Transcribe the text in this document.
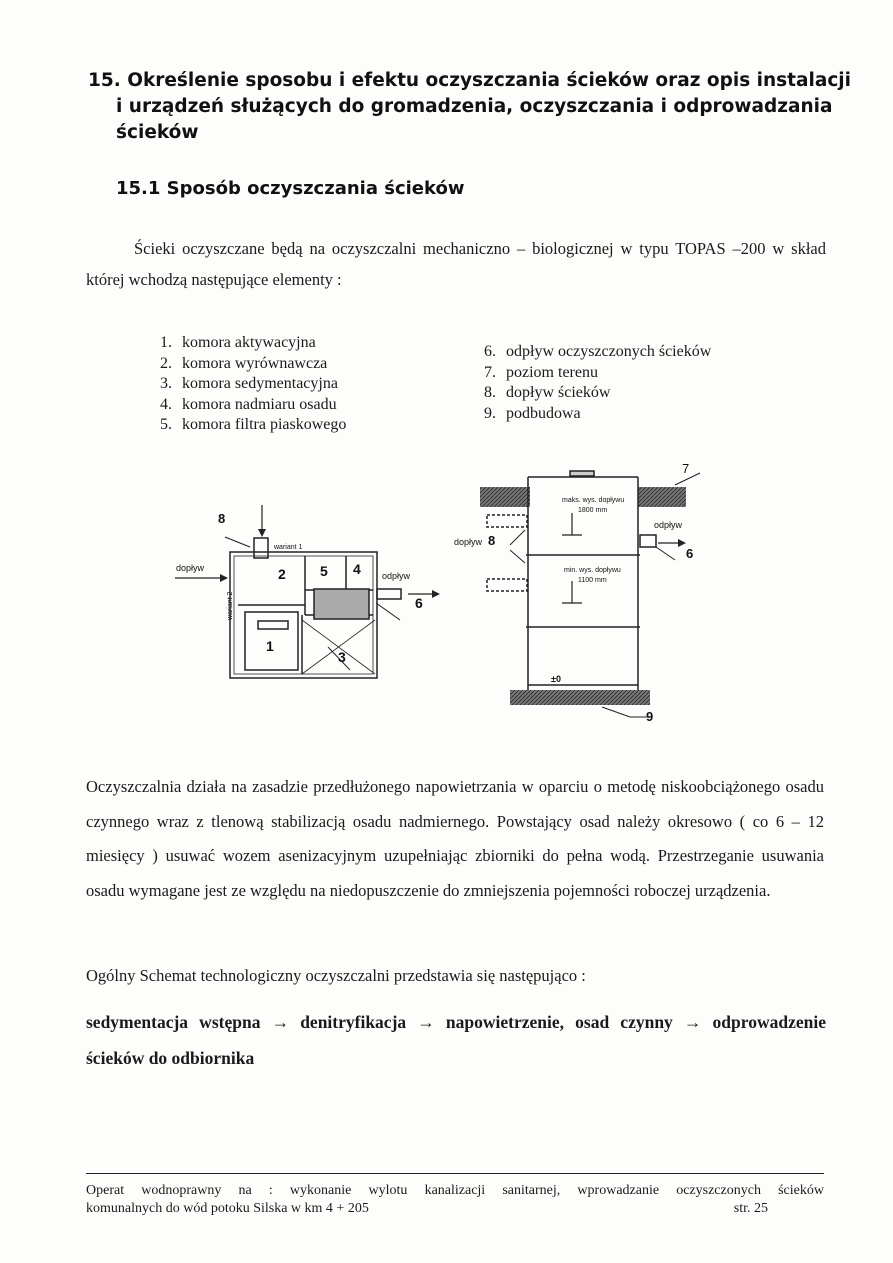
15. Określenie sposobu i efektu oczyszczania ścieków oraz opis instalacji i urządzeń służących do gromadzenia, oczyszczania i odprowadzania ścieków
15.1 Sposób oczyszczania ścieków

Ścieki oczyszczane będą na oczyszczalni mechaniczno – biologicznej w typu TOPAS –200 w skład której wchodzą następujące elementy :

1. komora aktywacyjna
2. komora wyrównawcza
3. komora sedymentacyjna
4. komora nadmiaru osadu
5. komora filtra piaskowego
6. odpływ oczyszczonych ścieków
7. poziom terenu
8. dopływ ścieków
9. podbudowa
8
wariant 1
wariant 2
dopływ
odpływ
1
2
3
4
5
6
7
maks. wys. dopływu
1800 mm
min. wys. dopływu
1100 mm
dopływ 8
odpływ
6
±0
9

Oczyszczalnia działa na zasadzie przedłużonego napowietrzania w oparciu o metodę niskoobciążonego osadu czynnego wraz z tlenową stabilizacją osadu nadmiernego. Powstający osad należy okresowo ( co 6 – 12 miesięcy ) usuwać wozem asenizacyjnym uzupełniając zbiorniki do pełna wodą. Przestrzeganie usuwania osadu wymagane jest ze względu na niedopuszczenie do zmniejszenia pojemności roboczej urządzenia.

Ogólny Schemat technologiczny oczyszczalni przedstawia się następująco :

sedymentacja wstępna → denitryfikacja → napowietrzenie, osad czynny → odprowadzenie ścieków do odbiornika

Operat wodnoprawny na : wykonanie wylotu kanalizacji sanitarnej, wprowadzanie oczyszczonych ścieków
komunalnych do wód potoku Silska w km 4 + 205	str. 25
